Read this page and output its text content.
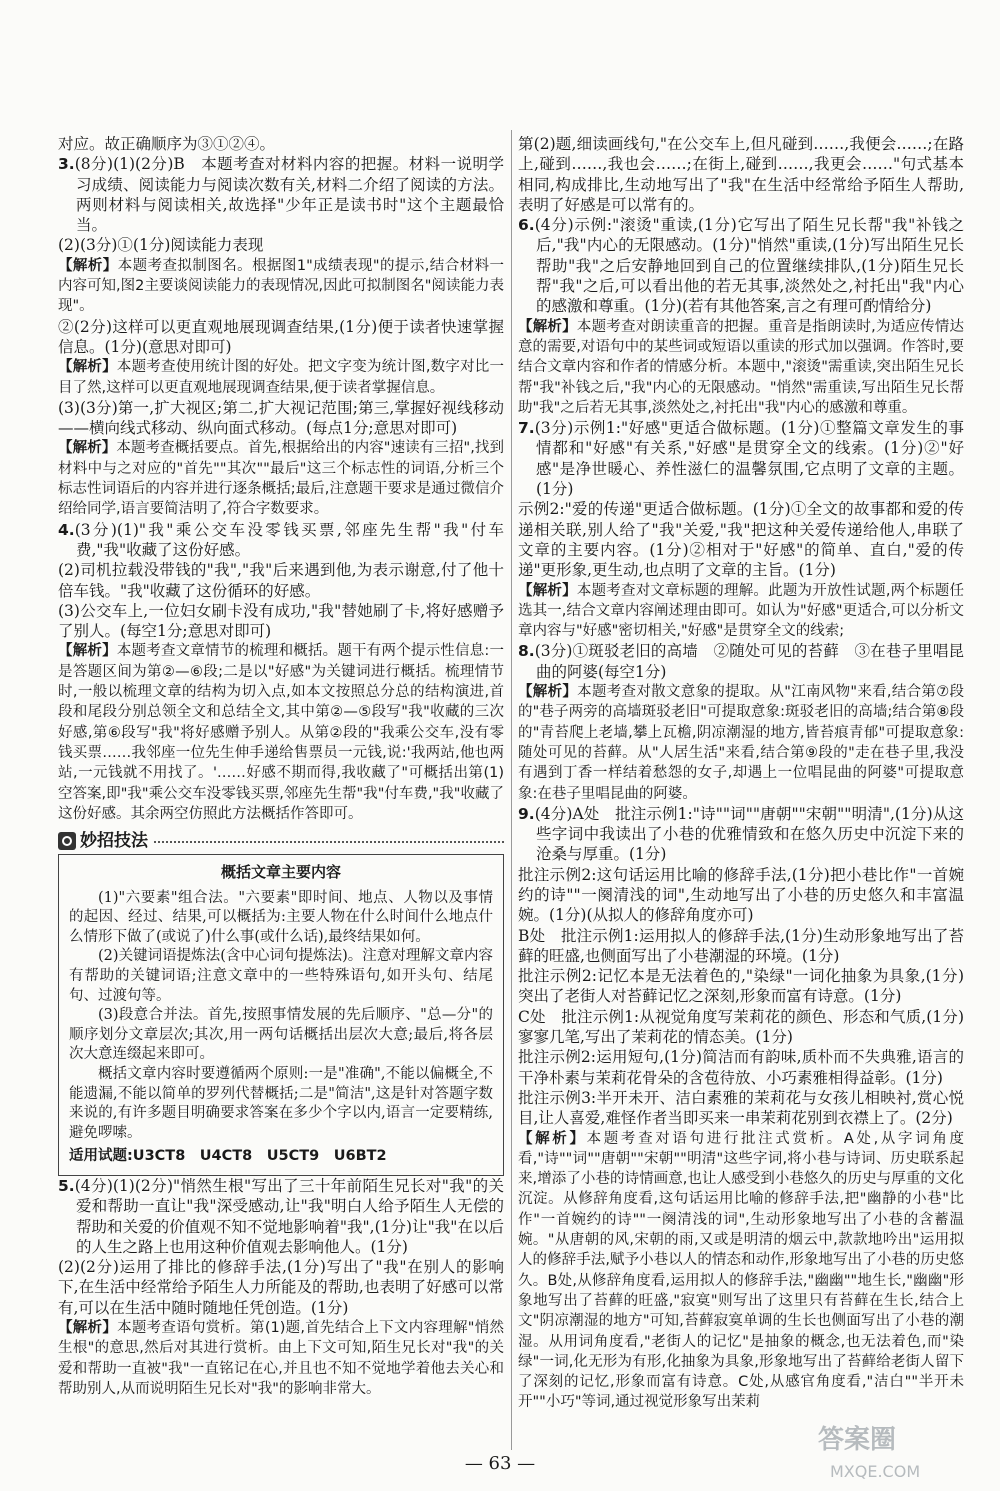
对应。故正确顺序为③①②④。

3.(8分)(1)(2分)B　本题考查对材料内容的把握。材料一说明学习成绩、阅读能力与阅读次数有关,材料二介绍了阅读的方法。两则材料与阅读相关,故选择"少年正是读书时"这个主题最恰当。

(2)(3分)①(1分)阅读能力表现

【解析】本题考查拟制图名。根据图1"成绩表现"的提示,结合材料一内容可知,图2主要谈阅读能力的表现情况,因此可拟制图名"阅读能力表现"。

②(2分)这样可以更直观地展现调查结果,(1分)便于读者快速掌握信息。(1分)(意思对即可)

【解析】本题考查使用统计图的好处。把文字变为统计图,数字对比一目了然,这样可以更直观地展现调查结果,便于读者掌握信息。

(3)(3分)第一,扩大视区;第二,扩大视记范围;第三,掌握好视线移动——横向线式移动、纵向面式移动。(每点1分;意思对即可)

【解析】本题考查概括要点。首先,根据给出的内容"速读有三招",找到材料中与之对应的"首先""其次""最后"这三个标志性的词语,分析三个标志性词语后的内容并进行逐条概括;最后,注意题干要求是通过微信介绍给同学,语言要简洁明了,符合字数要求。

4.(3分)(1)"我"乘公交车没零钱买票,邻座先生帮"我"付车费,"我"收藏了这份好感。

(2)司机拉载没带钱的"我","我"后来遇到他,为表示谢意,付了他十倍车钱。"我"收藏了这份循环的好感。

(3)公交车上,一位妇女刷卡没有成功,"我"替她刷了卡,将好感赠予了别人。(每空1分;意思对即可)

【解析】本题考查文章情节的梳理和概括。题干有两个提示性信息:一是答题区间为第②—⑥段;二是以"好感"为关键词进行概括。梳理情节时,一般以梳理文章的结构为切入点,如本文按照总分总的结构演进,首段和尾段分别总领全文和总结全文,其中第②—⑤段写"我"收藏的三次好感,第⑥段写"我"将好感赠予别人。从第②段的"我乘公交车,没有零钱买票……我邻座一位先生伸手递给售票员一元钱,说:'我两站,他也两站,一元钱就不用找了。'……好感不期而得,我收藏了"可概括出第(1)空答案,即"我"乘公交车没零钱买票,邻座先生帮"我"付车费,"我"收藏了这份好感。其余两空仿照此方法概括作答即可。

妙招技法
概括文章主要内容

(1)"六要素"组合法。"六要素"即时间、地点、人物以及事情的起因、经过、结果,可以概括为:主要人物在什么时间什么地点什么情形下做了(或说了)什么事(或什么话),最终结果如何。

(2)关键词语提炼法(含中心词句提炼法)。注意对理解文章内容有帮助的关键词语;注意文章中的一些特殊语句,如开头句、结尾句、过渡句等。

(3)段意合并法。首先,按照事情发展的先后顺序、"总—分"的顺序划分文章层次;其次,用一两句话概括出层次大意;最后,将各层次大意连缀起来即可。

概括文章内容时要遵循两个原则:一是"准确",不能以偏概全,不能遗漏,不能以简单的罗列代替概括;二是"简洁",这是针对答题字数来说的,有许多题目明确要求答案在多少个字以内,语言一定要精练,避免啰嗦。

适用试题:U3CT8　U4CT8　U5CT9　U6BT2

5.(4分)(1)(2分)"悄然生根"写出了三十年前陌生兄长对"我"的关爱和帮助一直让"我"深受感动,让"我"明白人给予陌生人无偿的帮助和关爱的价值观不知不觉地影响着"我",(1分)让"我"在以后的人生之路上也用这种价值观去影响他人。(1分)

(2)(2分)运用了排比的修辞手法,(1分)写出了"我"在别人的影响下,在生活中经常给予陌生人力所能及的帮助,也表明了好感可以常有,可以在生活中随时随地任凭创造。(1分)

【解析】本题考查语句赏析。第(1)题,首先结合上下文内容理解"悄然生根"的意思,然后对其进行赏析。由上下文可知,陌生兄长对"我"的关爱和帮助一直被"我"一直铭记在心,并且也不知不觉地学着他去关心和帮助别人,从而说明陌生兄长对"我"的影响非常大。

第(2)题,细读画线句,"在公交车上,但凡碰到……,我便会……;在路上,碰到……,我也会……;在街上,碰到……,我更会……"句式基本相同,构成排比,生动地写出了"我"在生活中经常给予陌生人帮助,表明了好感是可以常有的。

6.(4分)示例:"滚烫"重读,(1分)它写出了陌生兄长帮"我"补钱之后,"我"内心的无限感动。(1分)"悄然"重读,(1分)写出陌生兄长帮助"我"之后安静地回到自己的位置继续排队,(1分)陌生兄长帮"我"之后,可以看出他的若无其事,淡然处之,衬托出"我"内心的感激和尊重。(1分)(若有其他答案,言之有理可酌情给分)

【解析】本题考查对朗读重音的把握。重音是指朗读时,为适应传情达意的需要,对语句中的某些词或短语以重读的形式加以强调。作答时,要结合文章内容和作者的情感分析。本题中,"滚烫"需重读,突出陌生兄长帮"我"补钱之后,"我"内心的无限感动。"悄然"需重读,写出陌生兄长帮助"我"之后若无其事,淡然处之,衬托出"我"内心的感激和尊重。

7.(3分)示例1:"好感"更适合做标题。(1分)①整篇文章发生的事情都和"好感"有关系,"好感"是贯穿全文的线索。(1分)②"好感"是净世暖心、养性滋仁的温馨氛围,它点明了文章的主题。(1分)

示例2:"爱的传递"更适合做标题。(1分)①全文的故事都和爱的传递相关联,别人给了"我"关爱,"我"把这种关爱传递给他人,串联了文章的主要内容。(1分)②相对于"好感"的简单、直白,"爱的传递"更形象,更生动,也点明了文章的主旨。(1分)

【解析】本题考查对文章标题的理解。此题为开放性试题,两个标题任选其一,结合文章内容阐述理由即可。如认为"好感"更适合,可以分析文章内容与"好感"密切相关,"好感"是贯穿全文的线索;

8.(3分)①斑驳老旧的高墙　②随处可见的苔藓　③在巷子里唱昆曲的阿婆(每空1分)

【解析】本题考查对散文意象的提取。从"江南风物"来看,结合第⑦段的"巷子两旁的高墙斑驳老旧"可提取意象:斑驳老旧的高墙;结合第⑧段的"青苔爬上老墙,攀上瓦檐,阴凉潮湿的地方,皆苔痕青郁"可提取意象:随处可见的苔藓。从"人居生活"来看,结合第⑨段的"走在巷子里,我没有遇到丁香一样结着愁怨的女子,却遇上一位唱昆曲的阿婆"可提取意象:在巷子里唱昆曲的阿婆。

9.(4分)A处　批注示例1:"诗""词""唐朝""宋朝""明清",(1分)从这些字词中我读出了小巷的优雅情致和在悠久历史中沉淀下来的沧桑与厚重。(1分)

批注示例2:这句话运用比喻的修辞手法,(1分)把小巷比作"一首婉约的诗""一阕清浅的词",生动地写出了小巷的历史悠久和丰富温婉。(1分)(从拟人的修辞角度亦可)

B处　批注示例1:运用拟人的修辞手法,(1分)生动形象地写出了苔藓的旺盛,也侧面写出了小巷潮湿的环境。(1分)

批注示例2:记忆本是无法着色的,"染绿"一词化抽象为具象,(1分)突出了老街人对苔藓记忆之深刻,形象而富有诗意。(1分)

C处　批注示例1:从视觉角度写茉莉花的颜色、形态和气质,(1分)寥寥几笔,写出了茉莉花的情态美。(1分)

批注示例2:运用短句,(1分)简洁而有韵味,质朴而不失典雅,语言的干净朴素与茉莉花骨朵的含苞待放、小巧素雅相得益彰。(1分)

批注示例3:半开未开、洁白素雅的茉莉花与女孩儿相映衬,赏心悦目,让人喜爱,难怪作者当即买来一串茉莉花别到衣襟上了。(2分)

【解析】本题考查对语句进行批注式赏析。A处,从字词角度看,"诗""词""唐朝""宋朝""明清"这些字词,将小巷与诗词、历史联系起来,增添了小巷的诗情画意,也让人感受到小巷悠久的历史与厚重的文化沉淀。从修辞角度看,这句话运用比喻的修辞手法,把"幽静的小巷"比作"一首婉约的诗""一阕清浅的词",生动形象地写出了小巷的含蓄温婉。"从唐朝的风,宋朝的雨,又或是明清的烟云中,款款地吟出"运用拟人的修辞手法,赋予小巷以人的情态和动作,形象地写出了小巷的历史悠久。B处,从修辞角度看,运用拟人的修辞手法,"幽幽""地生长,"幽幽"形象地写出了苔藓的旺盛,"寂寞"则写出了这里只有苔藓在生长,结合上文"阴凉潮湿的地方"可知,苔藓寂寞单调的生长也侧面写出了小巷的潮湿。从用词角度看,"老街人的记忆"是抽象的概念,也无法着色,而"染绿"一词,化无形为有形,化抽象为具象,形象地写出了苔藓给老街人留下了深刻的记忆,形象而富有诗意。C处,从感官角度看,"洁白""半开未开""小巧"等词,通过视觉形象写出茉莉

— 63 —
答案圈
MXQE.COM
